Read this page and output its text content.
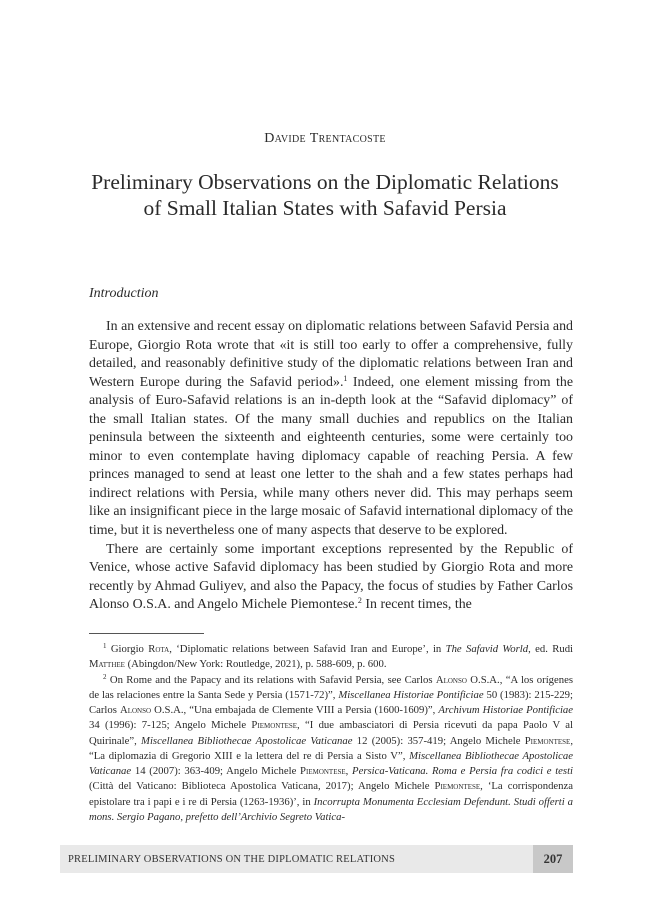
Davide Trentacoste
Preliminary Observations on the Diplomatic Relations
of Small Italian States with Safavid Persia
Introduction

In an extensive and recent essay on diplomatic relations between Safavid Persia and Europe, Giorgio Rota wrote that «it is still too early to offer a comprehensive, fully detailed, and reasonably definitive study of the diplomatic relations between Iran and Western Europe during the Safavid period».$^1$ Indeed, one element missing from the analysis of Euro-Safavid relations is an in-depth look at the “Safavid diplomacy” of the small Italian states. Of the many small duchies and republics on the Italian peninsula between the sixteenth and eighteenth centuries, some were certainly too minor to even contemplate having diplomacy capable of reaching Persia. A few princes managed to send at least one letter to the shah and a few states perhaps had indirect relations with Persia, while many others never did. This may perhaps seem like an insignificant piece in the large mosaic of Safavid international diplomacy of the time, but it is nevertheless one of many aspects that deserve to be explored.

There are certainly some important exceptions represented by the Republic of Venice, whose active Safavid diplomacy has been studied by Giorgio Rota and more recently by Ahmad Guliyev, and also the Papacy, the focus of studies by Father Carlos Alonso O.S.A. and Angelo Michele Piemontese.$^2$ In recent times, the

$^1$ Giorgio Rota, ‘Diplomatic relations between Safavid Iran and Europe’, in The Safavid World, ed. Rudi Matthee (Abingdon/New York: Routledge, 2021), p. 588-609, p. 600.

$^2$ On Rome and the Papacy and its relations with Safavid Persia, see Carlos Alonso O.S.A., “A los orígenes de las relaciones entre la Santa Sede y Persia (1571-72)”, Miscellanea Historiae Pontificiae 50 (1983): 215-229; Carlos Alonso O.S.A., “Una embajada de Clemente VIII a Persia (1600-1609)”, Archivum Historiae Pontificiae 34 (1996): 7-125; Angelo Michele Piemontese, “I due ambasciatori di Persia ricevuti da papa Paolo V al Quirinale”, Miscellanea Bibliothecae Apostolicae Vaticanae 12 (2005): 357-419; Angelo Michele Piemontese, “La diplomazia di Gregorio XIII e la lettera del re di Persia a Sisto V”, Miscellanea Bibliothecae Apostolicae Vaticanae 14 (2007): 363-409; Angelo Michele Piemontese, Persica-Vaticana. Roma e Persia fra codici e testi (Città del Vaticano: Biblioteca Apostolica Vaticana, 2017); Angelo Michele Piemontese, ‘La corrispondenza epistolare tra i papi e i re di Persia (1263-1936)’, in Incorrupta Monumenta Ecclesiam Defendunt. Studi offerti a mons. Sergio Pagano, prefetto dell’Archivio Segreto Vatica-

PRELIMINARY OBSERVATIONS ON THE DIPLOMATIC RELATIONS	207
